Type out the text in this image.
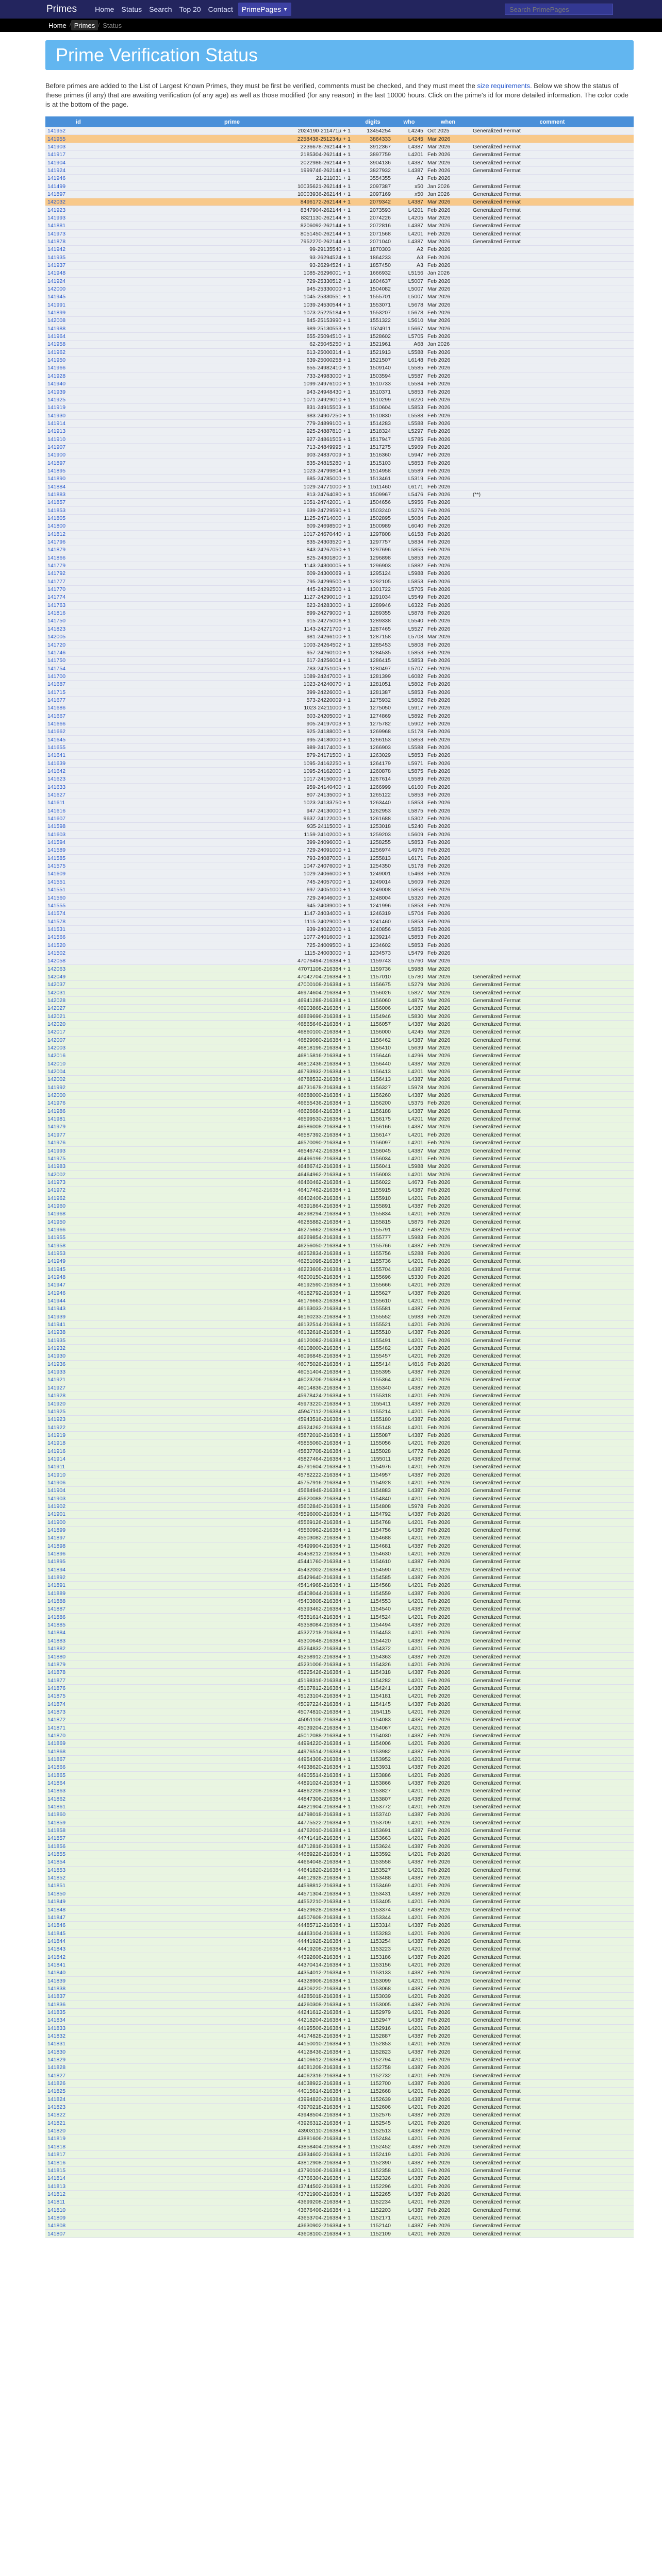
Primes	Home Status Search Top 20 Contact PrimePages ▼
Search PrimePages
Home / Primes / Status
Prime Verification Status

Before primes are added to the List of Largest Known Primes, they must be first be verified, comments must be checked, and they must meet the size requirements. Below we show the status of these primes (if any) that are awaiting verification (of any age) as well as those modified (for any reason) in the last 10000 hours. Click on the prime's id for more detailed information. The color code is at the bottom of the page.

id	prime	digits	who	when	comment
141952	2024190·211471µ + 1	13454254	L4245	Oct 2025	Generalized Fermat
141955	2258438·251234µ + 1	3864333	L4245	Mar 2026	
141903	2236678·262144 + 1	3912367	L4387	Mar 2026	Generalized Fermat
141917	2185304·262144 + 1	3897759	L4201	Feb 2026	Generalized Fermat
141904	2022986·262144 + 1	3904136	L4387	Mar 2026	Generalized Fermat
141924	1999746·262144 + 1	3827932	L4387	Feb 2026	Generalized Fermat
141946	21·211031 + 1	3554355	A3	Feb 2026	
141499	10035621·262144 + 1	2097387	x50	Jan 2026	Generalized Fermat
141897	10003936·262144 + 1	2097169	x50	Jan 2026	Generalized Fermat
142032	8496172·262144 + 1	2079342	L4387	Mar 2026	Generalized Fermat
141923	8347904·262144 + 1	2073593	L4201	Feb 2026	Generalized Fermat
141993	8321130·262144 + 1	2074226	L4205	Mar 2026	Generalized Fermat
141881	8206092·262144 + 1	2072816	L4387	Mar 2026	Generalized Fermat
141973	8051450·262144 + 1	2071568	L4201	Feb 2026	Generalized Fermat
141878	7952270·262144 + 1	2071040	L4387	Mar 2026	Generalized Fermat
141942	99·29135540 + 1	1870303	A2	Feb 2026	
141935	93·26294524 + 1	1864233	A3	Feb 2026	
141937	93·26294524 + 1	1857450	A3	Feb 2026	
141948	1085·26296001 + 1	1666932	L5156	Jan 2026	
141924	729·25330512 + 1	1604637	L5007	Feb 2026	
142000	945·25330000 + 1	1504082	L5007	Mar 2026	
141945	1045·25330551 + 1	1555701	L5007	Mar 2026	
141991	1039·24530544 + 1	1553071	L5678	Mar 2026	
141899	1073·25225184 + 1	1553207	L5678	Feb 2026	
142008	845·25153990 + 1	1551322	L5610	Mar 2026	
141988	989·25130553 + 1	1524911	L5667	Mar 2026	
141964	655·25094510 + 1	1528602	L5705	Feb 2026	
141958	62·25045250 + 1	1521961	A68	Jan 2026	
141962	613·25000314 + 1	1521913	L5588	Feb 2026	
141950	639·25000258 + 1	1521507	L6148	Feb 2026	
141966	655·24982410 + 1	1509140	L5585	Feb 2026	
141928	733·24983000 + 1	1503594	L5587	Feb 2026	
141940	1099·24976100 + 1	1510733	L5584	Feb 2026	
141939	943·24948430 + 1	1510371	L5853	Feb 2026	
141925	1071·24929010 + 1	1510299	L6220	Feb 2026	
141919	831·24915503 + 1	1510604	L5853	Feb 2026	
141930	983·24907250 + 1	1510830	L5588	Feb 2026	
141914	779·24899100 + 1	1514283	L5588	Feb 2026	
141913	925·24887810 + 1	1518324	L5297	Feb 2026	
141910	927·24861505 + 1	1517947	L5785	Feb 2026	
141907	713·24849995 + 1	1517275	L5969	Feb 2026	
141900	903·24837009 + 1	1516360	L5947	Feb 2026	
141897	835·24815280 + 1	1515103	L5853	Feb 2026	
141895	1023·24799804 + 1	1514958	L5589	Feb 2026	
141890	685·24785000 + 1	1513461	L5319	Feb 2026	
141884	1029·24771000 + 1	1511460	L6171	Feb 2026	
141883	813·24764080 + 1	1509967	L5476	Feb 2026	(**)
141857	1051·24742001 + 1	1504656	L5956	Feb 2026	
141853	639·24729590 + 1	1503240	L5276	Feb 2026	
141805	1125·24714000 + 1	1502895	L5084	Feb 2026	
141800	609·24698500 + 1	1500989	L6040	Feb 2026	
141812	1017·24670440 + 1	1297808	L6158	Feb 2026	
141796	835·24303520 + 1	1297757	L5834	Feb 2026	
141879	843·24267050 + 1	1297696	L5855	Feb 2026	
141866	825·24301800 + 1	1296898	L5853	Feb 2026	
141779	1143·24300005 + 1	1296903	L5882	Feb 2026	
141792	609·24300069 + 1	1295124	L5988	Feb 2026	
141777	795·24299500 + 1	1292105	L5853	Feb 2026	
141770	445·24292500 + 1	1301722	L5705	Feb 2026	
141774	1127·24290010 + 1	1291034	L5549	Feb 2026	
141763	623·24283000 + 1	1289946	L6322	Feb 2026	
141816	899·24279000 + 1	1289355	L5878	Feb 2026	
141750	915·24275006 + 1	1289338	L5540	Feb 2026	
141823	1143·24271700 + 1	1287465	L5527	Feb 2026	
142005	981·24266100 + 1	1287158	L5708	Mar 2026	
141720	1003·24264502 + 1	1285453	L5808	Feb 2026	
141746	957·24260100 + 1	1284535	L5853	Feb 2026	
141750	617·24256004 + 1	1286415	L5853	Feb 2026	
141754	783·24251005 + 1	1280497	L5707	Feb 2026	
141700	1089·24247000 + 1	1281399	L6082	Feb 2026	
141687	1023·24240070 + 1	1281051	L5802	Feb 2026	
141715	399·24226000 + 1	1281387	L5853	Feb 2026	
141677	573·24220009 + 1	1275932	L5802	Feb 2026	
141686	1023·24211000 + 1	1275050	L5917	Feb 2026	
141667	603·24205000 + 1	1274869	L5892	Feb 2026	
141666	905·24197003 + 1	1275782	L5902	Feb 2026	
141662	925·24188000 + 1	1269968	L5178	Feb 2026	
141645	995·24180000 + 1	1266153	L5853	Feb 2026	
141655	989·24174000 + 1	1266903	L5588	Feb 2026	
141641	879·24171500 + 1	1263029	L5853	Feb 2026	
141639	1095·24162250 + 1	1264179	L5971	Feb 2026	
141642	1095·24162000 + 1	1260878	L5875	Feb 2026	
141623	1017·24150000 + 1	1267614	L5589	Feb 2026	
141633	959·24140400 + 1	1266999	L6160	Feb 2026	
141627	807·24135000 + 1	1265122	L5853	Feb 2026	
141611	1023·24133750 + 1	1263440	L5853	Feb 2026	
141616	947·24130000 + 1	1262953	L5875	Feb 2026	
141607	9637·24122000 + 1	1261688	L5302	Feb 2026	
141598	935·24115000 + 1	1253018	L5240	Feb 2026	
141603	1159·24102000 + 1	1259203	L5609	Feb 2026	
141594	399·24096000 + 1	1258255	L5853	Feb 2026	
141589	729·24091000 + 1	1256974	L4976	Feb 2026	
141585	793·24087000 + 1	1255813	L6171	Feb 2026	
141575	1047·24076000 + 1	1254350	L5178	Feb 2026	
141609	1029·24066000 + 1	1249001	L5468	Feb 2026	
141551	745·24057000 + 1	1249014	L5609	Feb 2026	
141551	697·24051000 + 1	1249008	L5853	Feb 2026	
141560	729·24046000 + 1	1248004	L5320	Feb 2026	
141555	945·24039000 + 1	1241996	L5853	Feb 2026	
141574	1147·24034000 + 1	1246319	L5704	Feb 2026	
141578	1115·24029000 + 1	1241460	L5853	Feb 2026	
141531	939·24022000 + 1	1240856	L5853	Feb 2026	
141566	1077·24016000 + 1	1239214	L5853	Feb 2026	
141520	725·24009500 + 1	1234602	L5853	Feb 2026	
141502	1115·24003000 + 1	1234573	L5479	Feb 2026	
142058	47076494·216384 + 1	1159743	L5760	Mar 2026	
142063	47071108·216384 + 1	1159736	L5988	Mar 2026	
142049	47042704·216384 + 1	1157010	L5780	Mar 2026	Generalized Fermat
142037	47000108·216384 + 1	1156675	L5279	Mar 2026	Generalized Fermat
142031	46974604·216384 + 1	1156026	L5827	Mar 2026	Generalized Fermat
142028	46941288·216384 + 1	1156060	L4875	Mar 2026	Generalized Fermat
142027	46903868·216384 + 1	1156006	L4387	Mar 2026	Generalized Fermat
142021	46869696·216384 + 1	1154946	L5830	Mar 2026	Generalized Fermat
142020	46865646·216384 + 1	1156057	L4387	Mar 2026	Generalized Fermat
142017	46860100·216384 + 1	1156000	L4245	Mar 2026	Generalized Fermat
142007	46829080·216384 + 1	1156462	L4387	Mar 2026	Generalized Fermat
142003	46818196·216384 + 1	1156410	L5639	Mar 2026	Generalized Fermat
142016	46815816·216384 + 1	1156446	L4296	Mar 2026	Generalized Fermat
142010	46812436·216384 + 1	1156440	L4387	Mar 2026	Generalized Fermat
142004	46793932·216384 + 1	1156413	L4201	Mar 2026	Generalized Fermat
142002	46788532·216384 + 1	1156413	L4387	Mar 2026	Generalized Fermat
141992	46731678·216384 + 1	1156327	L5978	Mar 2026	Generalized Fermat
142000	46688000·216384 + 1	1156260	L4387	Mar 2026	Generalized Fermat
141976	46655436·216384 + 1	1156200	L5375	Feb 2026	Generalized Fermat
141986	46626684·216384 + 1	1156188	L4387	Mar 2026	Generalized Fermat
141981	46599530·216384 + 1	1156175	L4201	Mar 2026	Generalized Fermat
141979	46586008·216384 + 1	1156166	L4387	Mar 2026	Generalized Fermat
141977	46587392·216384 + 1	1156147	L4201	Feb 2026	Generalized Fermat
141976	46570090·216384 + 1	1156097	L4201	Feb 2026	Generalized Fermat
141993	46546742·216384 + 1	1156045	L4387	Mar 2026	Generalized Fermat
141975	46496196·216384 + 1	1156034	L4201	Feb 2026	Generalized Fermat
141983	46486742·216384 + 1	1156041	L5988	Mar 2026	Generalized Fermat
142002	46464962·216384 + 1	1156003	L4201	Mar 2026	Generalized Fermat
141973	46460462·216384 + 1	1156022	L4673	Feb 2026	Generalized Fermat
141972	46417462·216384 + 1	1155915	L4387	Feb 2026	Generalized Fermat
141962	46402406·216384 + 1	1155910	L4201	Feb 2026	Generalized Fermat
141960	46391864·216384 + 1	1155891	L4387	Feb 2026	Generalized Fermat
141968	46298294·216384 + 1	1155834	L4201	Feb 2026	Generalized Fermat
141950	46285882·216384 + 1	1155815	L5875	Feb 2026	Generalized Fermat
141966	46275662·216384 + 1	1155791	L4387	Feb 2026	Generalized Fermat
141955	46269854·216384 + 1	1155777	L5983	Feb 2026	Generalized Fermat
141958	46256050·216384 + 1	1155766	L4387	Feb 2026	Generalized Fermat
141953	46252834·216384 + 1	1155756	L5288	Feb 2026	Generalized Fermat
141949	46251098·216384 + 1	1155736	L4201	Feb 2026	Generalized Fermat
141945	46223608·216384 + 1	1155704	L4387	Feb 2026	Generalized Fermat
141948	46200150·216384 + 1	1155696	L5330	Feb 2026	Generalized Fermat
141947	46192590·216384 + 1	1155666	L4201	Feb 2026	Generalized Fermat
141946	46182792·216384 + 1	1155627	L4387	Feb 2026	Generalized Fermat
141944	46176663·216384 + 1	1155610	L4201	Feb 2026	Generalized Fermat
141943	46163033·216384 + 1	1155581	L4387	Feb 2026	Generalized Fermat
141939	46160233·216384 + 1	1155552	L5983	Feb 2026	Generalized Fermat
141941	46132514·216384 + 1	1155521	L4201	Feb 2026	Generalized Fermat
141938	46132616·216384 + 1	1155510	L4387	Feb 2026	Generalized Fermat
141935	46120082·216384 + 1	1155491	L4201	Feb 2026	Generalized Fermat
141932	46108000·216384 + 1	1155482	L4387	Feb 2026	Generalized Fermat
141930	46096848·216384 + 1	1155457	L4201	Feb 2026	Generalized Fermat
141936	46075026·216384 + 1	1155414	L4816	Feb 2026	Generalized Fermat
141933	46051404·216384 + 1	1155395	L4387	Feb 2026	Generalized Fermat
141921	46023706·216384 + 1	1155364	L4201	Feb 2026	Generalized Fermat
141927	46014836·216384 + 1	1155340	L4387	Feb 2026	Generalized Fermat
141928	45978424·216384 + 1	1155318	L4201	Feb 2026	Generalized Fermat
141920	45973220·216384 + 1	1155411	L4387	Feb 2026	Generalized Fermat
141925	45947112·216384 + 1	1155214	L4201	Feb 2026	Generalized Fermat
141923	45943516·216384 + 1	1155180	L4387	Feb 2026	Generalized Fermat
141922	45924262·216384 + 1	1155148	L4201	Feb 2026	Generalized Fermat
141919	45872010·216384 + 1	1155087	L4387	Feb 2026	Generalized Fermat
141918	45855060·216384 + 1	1155056	L4201	Feb 2026	Generalized Fermat
141916	45837708·216384 + 1	1155028	L4772	Feb 2026	Generalized Fermat
141914	45827464·216384 + 1	1155011	L4387	Feb 2026	Generalized Fermat
141911	45791604·216384 + 1	1154976	L4201	Feb 2026	Generalized Fermat
141910	45782222·216384 + 1	1154957	L4387	Feb 2026	Generalized Fermat
141906	45757916·216384 + 1	1154928	L4201	Feb 2026	Generalized Fermat
141904	45684948·216384 + 1	1154883	L4387	Feb 2026	Generalized Fermat
141903	45620088·216384 + 1	1154840	L4201	Feb 2026	Generalized Fermat
141902	45602840·216384 + 1	1154808	L5978	Feb 2026	Generalized Fermat
141901	45596000·216384 + 1	1154792	L4387	Feb 2026	Generalized Fermat
141900	45569126·216384 + 1	1154768	L4201	Feb 2026	Generalized Fermat
141899	45560962·216384 + 1	1154756	L4387	Feb 2026	Generalized Fermat
141897	45503082·216384 + 1	1154688	L4201	Feb 2026	Generalized Fermat
141898	45499904·216384 + 1	1154681	L4387	Feb 2026	Generalized Fermat
141896	45458212·216384 + 1	1154630	L4201	Feb 2026	Generalized Fermat
141895	45441760·216384 + 1	1154610	L4387	Feb 2026	Generalized Fermat
141894	45432002·216384 + 1	1154590	L4201	Feb 2026	Generalized Fermat
141892	45429640·216384 + 1	1154585	L4387	Feb 2026	Generalized Fermat
141891	45414968·216384 + 1	1154568	L4201	Feb 2026	Generalized Fermat
141889	45408044·216384 + 1	1154559	L4387	Feb 2026	Generalized Fermat
141888	45403808·216384 + 1	1154553	L4201	Feb 2026	Generalized Fermat
141887	45393462·216384 + 1	1154540	L4387	Feb 2026	Generalized Fermat
141886	45381614·216384 + 1	1154524	L4201	Feb 2026	Generalized Fermat
141885	45358084·216384 + 1	1154494	L4387	Feb 2026	Generalized Fermat
141884	45327218·216384 + 1	1154453	L4201	Feb 2026	Generalized Fermat
141883	45300648·216384 + 1	1154420	L4387	Feb 2026	Generalized Fermat
141882	45264832·216384 + 1	1154372	L4201	Feb 2026	Generalized Fermat
141880	45258912·216384 + 1	1154363	L4387	Feb 2026	Generalized Fermat
141879	45231006·216384 + 1	1154326	L4201	Feb 2026	Generalized Fermat
141878	45225426·216384 + 1	1154318	L4387	Feb 2026	Generalized Fermat
141877	45198316·216384 + 1	1154282	L4201	Feb 2026	Generalized Fermat
141876	45167812·216384 + 1	1154241	L4387	Feb 2026	Generalized Fermat
141875	45123104·216384 + 1	1154181	L4201	Feb 2026	Generalized Fermat
141874	45097224·216384 + 1	1154145	L4387	Feb 2026	Generalized Fermat
141873	45074810·216384 + 1	1154115	L4201	Feb 2026	Generalized Fermat
141872	45051106·216384 + 1	1154083	L4387	Feb 2026	Generalized Fermat
141871	45039204·216384 + 1	1154067	L4201	Feb 2026	Generalized Fermat
141870	45012088·216384 + 1	1154030	L4387	Feb 2026	Generalized Fermat
141869	44994220·216384 + 1	1154006	L4201	Feb 2026	Generalized Fermat
141868	44976514·216384 + 1	1153982	L4387	Feb 2026	Generalized Fermat
141867	44954308·216384 + 1	1153952	L4201	Feb 2026	Generalized Fermat
141866	44938620·216384 + 1	1153931	L4387	Feb 2026	Generalized Fermat
141865	44905514·216384 + 1	1153886	L4201	Feb 2026	Generalized Fermat
141864	44891024·216384 + 1	1153866	L4387	Feb 2026	Generalized Fermat
141863	44862208·216384 + 1	1153827	L4201	Feb 2026	Generalized Fermat
141862	44847306·216384 + 1	1153807	L4387	Feb 2026	Generalized Fermat
141861	44821904·216384 + 1	1153772	L4201	Feb 2026	Generalized Fermat
141860	44798018·216384 + 1	1153740	L4387	Feb 2026	Generalized Fermat
141859	44775522·216384 + 1	1153709	L4201	Feb 2026	Generalized Fermat
141858	44762010·216384 + 1	1153691	L4387	Feb 2026	Generalized Fermat
141857	44741416·216384 + 1	1153663	L4201	Feb 2026	Generalized Fermat
141856	44712816·216384 + 1	1153624	L4387	Feb 2026	Generalized Fermat
141855	44689226·216384 + 1	1153592	L4201	Feb 2026	Generalized Fermat
141854	44664048·216384 + 1	1153558	L4387	Feb 2026	Generalized Fermat
141853	44641820·216384 + 1	1153527	L4201	Feb 2026	Generalized Fermat
141852	44612928·216384 + 1	1153488	L4387	Feb 2026	Generalized Fermat
141851	44598812·216384 + 1	1153469	L4201	Feb 2026	Generalized Fermat
141850	44571304·216384 + 1	1153431	L4387	Feb 2026	Generalized Fermat
141849	44552210·216384 + 1	1153405	L4201	Feb 2026	Generalized Fermat
141848	44529628·216384 + 1	1153374	L4387	Feb 2026	Generalized Fermat
141847	44507608·216384 + 1	1153344	L4201	Feb 2026	Generalized Fermat
141846	44485712·216384 + 1	1153314	L4387	Feb 2026	Generalized Fermat
141845	44463104·216384 + 1	1153283	L4201	Feb 2026	Generalized Fermat
141844	44441928·216384 + 1	1153254	L4387	Feb 2026	Generalized Fermat
141843	44419208·216384 + 1	1153223	L4201	Feb 2026	Generalized Fermat
141842	44392606·216384 + 1	1153186	L4387	Feb 2026	Generalized Fermat
141841	44370414·216384 + 1	1153156	L4201	Feb 2026	Generalized Fermat
141840	44354012·216384 + 1	1153133	L4387	Feb 2026	Generalized Fermat
141839	44328906·216384 + 1	1153099	L4201	Feb 2026	Generalized Fermat
141838	44306220·216384 + 1	1153068	L4387	Feb 2026	Generalized Fermat
141837	44285018·216384 + 1	1153039	L4201	Feb 2026	Generalized Fermat
141836	44260308·216384 + 1	1153005	L4387	Feb 2026	Generalized Fermat
141835	44241612·216384 + 1	1152979	L4201	Feb 2026	Generalized Fermat
141834	44218204·216384 + 1	1152947	L4387	Feb 2026	Generalized Fermat
141833	44195506·216384 + 1	1152916	L4201	Feb 2026	Generalized Fermat
141832	44174828·216384 + 1	1152887	L4387	Feb 2026	Generalized Fermat
141831	44150010·216384 + 1	1152853	L4201	Feb 2026	Generalized Fermat
141830	44128436·216384 + 1	1152823	L4387	Feb 2026	Generalized Fermat
141829	44106612·216384 + 1	1152794	L4201	Feb 2026	Generalized Fermat
141828	44081208·216384 + 1	1152758	L4387	Feb 2026	Generalized Fermat
141827	44062316·216384 + 1	1152732	L4201	Feb 2026	Generalized Fermat
141826	44038922·216384 + 1	1152700	L4387	Feb 2026	Generalized Fermat
141825	44015614·216384 + 1	1152668	L4201	Feb 2026	Generalized Fermat
141824	43994820·216384 + 1	1152639	L4387	Feb 2026	Generalized Fermat
141823	43970218·216384 + 1	1152606	L4201	Feb 2026	Generalized Fermat
141822	43948504·216384 + 1	1152576	L4387	Feb 2026	Generalized Fermat
141821	43926312·216384 + 1	1152545	L4201	Feb 2026	Generalized Fermat
141820	43903110·216384 + 1	1152513	L4387	Feb 2026	Generalized Fermat
141819	43881606·216384 + 1	1152484	L4201	Feb 2026	Generalized Fermat
141818	43858404·216384 + 1	1152452	L4387	Feb 2026	Generalized Fermat
141817	43834602·216384 + 1	1152419	L4201	Feb 2026	Generalized Fermat
141816	43812908·216384 + 1	1152390	L4387	Feb 2026	Generalized Fermat
141815	43790106·216384 + 1	1152358	L4201	Feb 2026	Generalized Fermat
141814	43766304·216384 + 1	1152326	L4387	Feb 2026	Generalized Fermat
141813	43744502·216384 + 1	1152296	L4201	Feb 2026	Generalized Fermat
141812	43721900·216384 + 1	1152265	L4387	Feb 2026	Generalized Fermat
141811	43699208·216384 + 1	1152234	L4201	Feb 2026	Generalized Fermat
141810	43676406·216384 + 1	1152203	L4387	Feb 2026	Generalized Fermat
141809	43653704·216384 + 1	1152171	L4201	Feb 2026	Generalized Fermat
141808	43630902·216384 + 1	1152140	L4387	Feb 2026	Generalized Fermat
141807	43608100·216384 + 1	1152109	L4201	Feb 2026	Generalized Fermat
